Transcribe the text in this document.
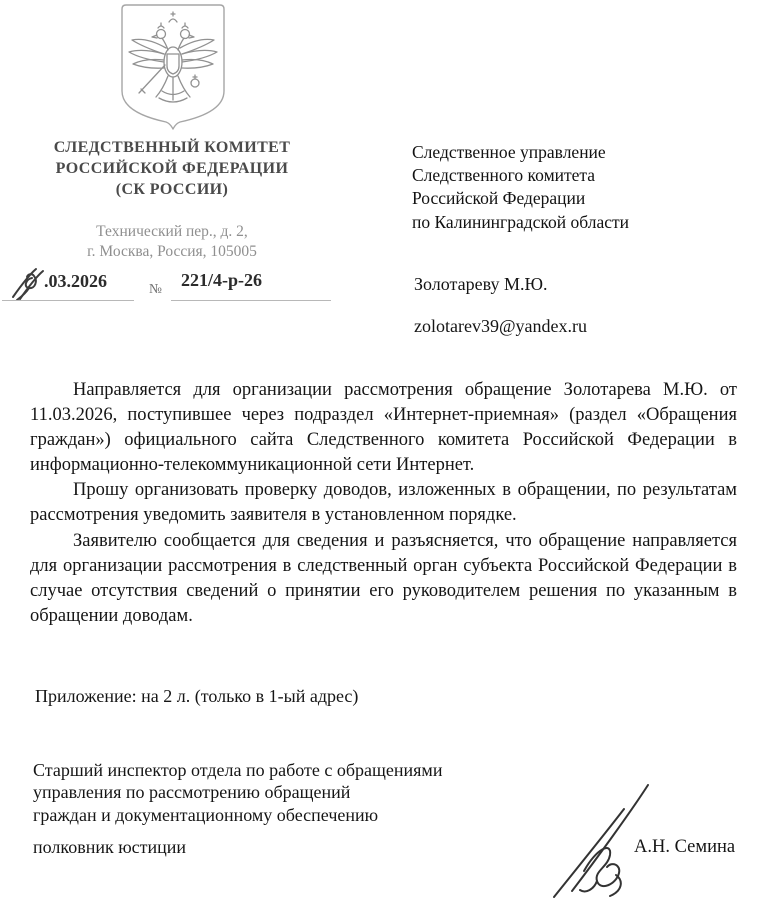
СЛЕДСТВЕННЫЙ КОМИТЕТ
РОССИЙСКОЙ ФЕДЕРАЦИИ
(СК РОССИИ)
Технический пер., д. 2,
г. Москва, Россия, 105005
.03.2026	№ 221/4-р-26
Следственное управление
Следственного комитета
Российской Федерации
по Калининградской области
Золотареву М.Ю.
zolotarev39@yandex.ru

Направляется для организации рассмотрения обращение Золотарева М.Ю. от 11.03.2026, поступившее через подраздел «Интернет-приемная» (раздел «Обращения граждан») официального сайта Следственного комитета Российской Федерации в информационно-телекоммуникационной сети Интернет.

Прошу организовать проверку доводов, изложенных в обращении, по результатам рассмотрения уведомить заявителя в установленном порядке.

Заявителю сообщается для сведения и разъясняется, что обращение направляется для организации рассмотрения в следственный орган субъекта Российской Федерации в случае отсутствия сведений о принятии его руководителем решения по указанным в обращении доводам.

Приложение: на 2 л. (только в 1-ый адрес)
Старший инспектор отдела по работе с обращениями
управления по рассмотрению обращений
граждан и документационному обеспечению
полковник юстиции	А.Н. Семина
